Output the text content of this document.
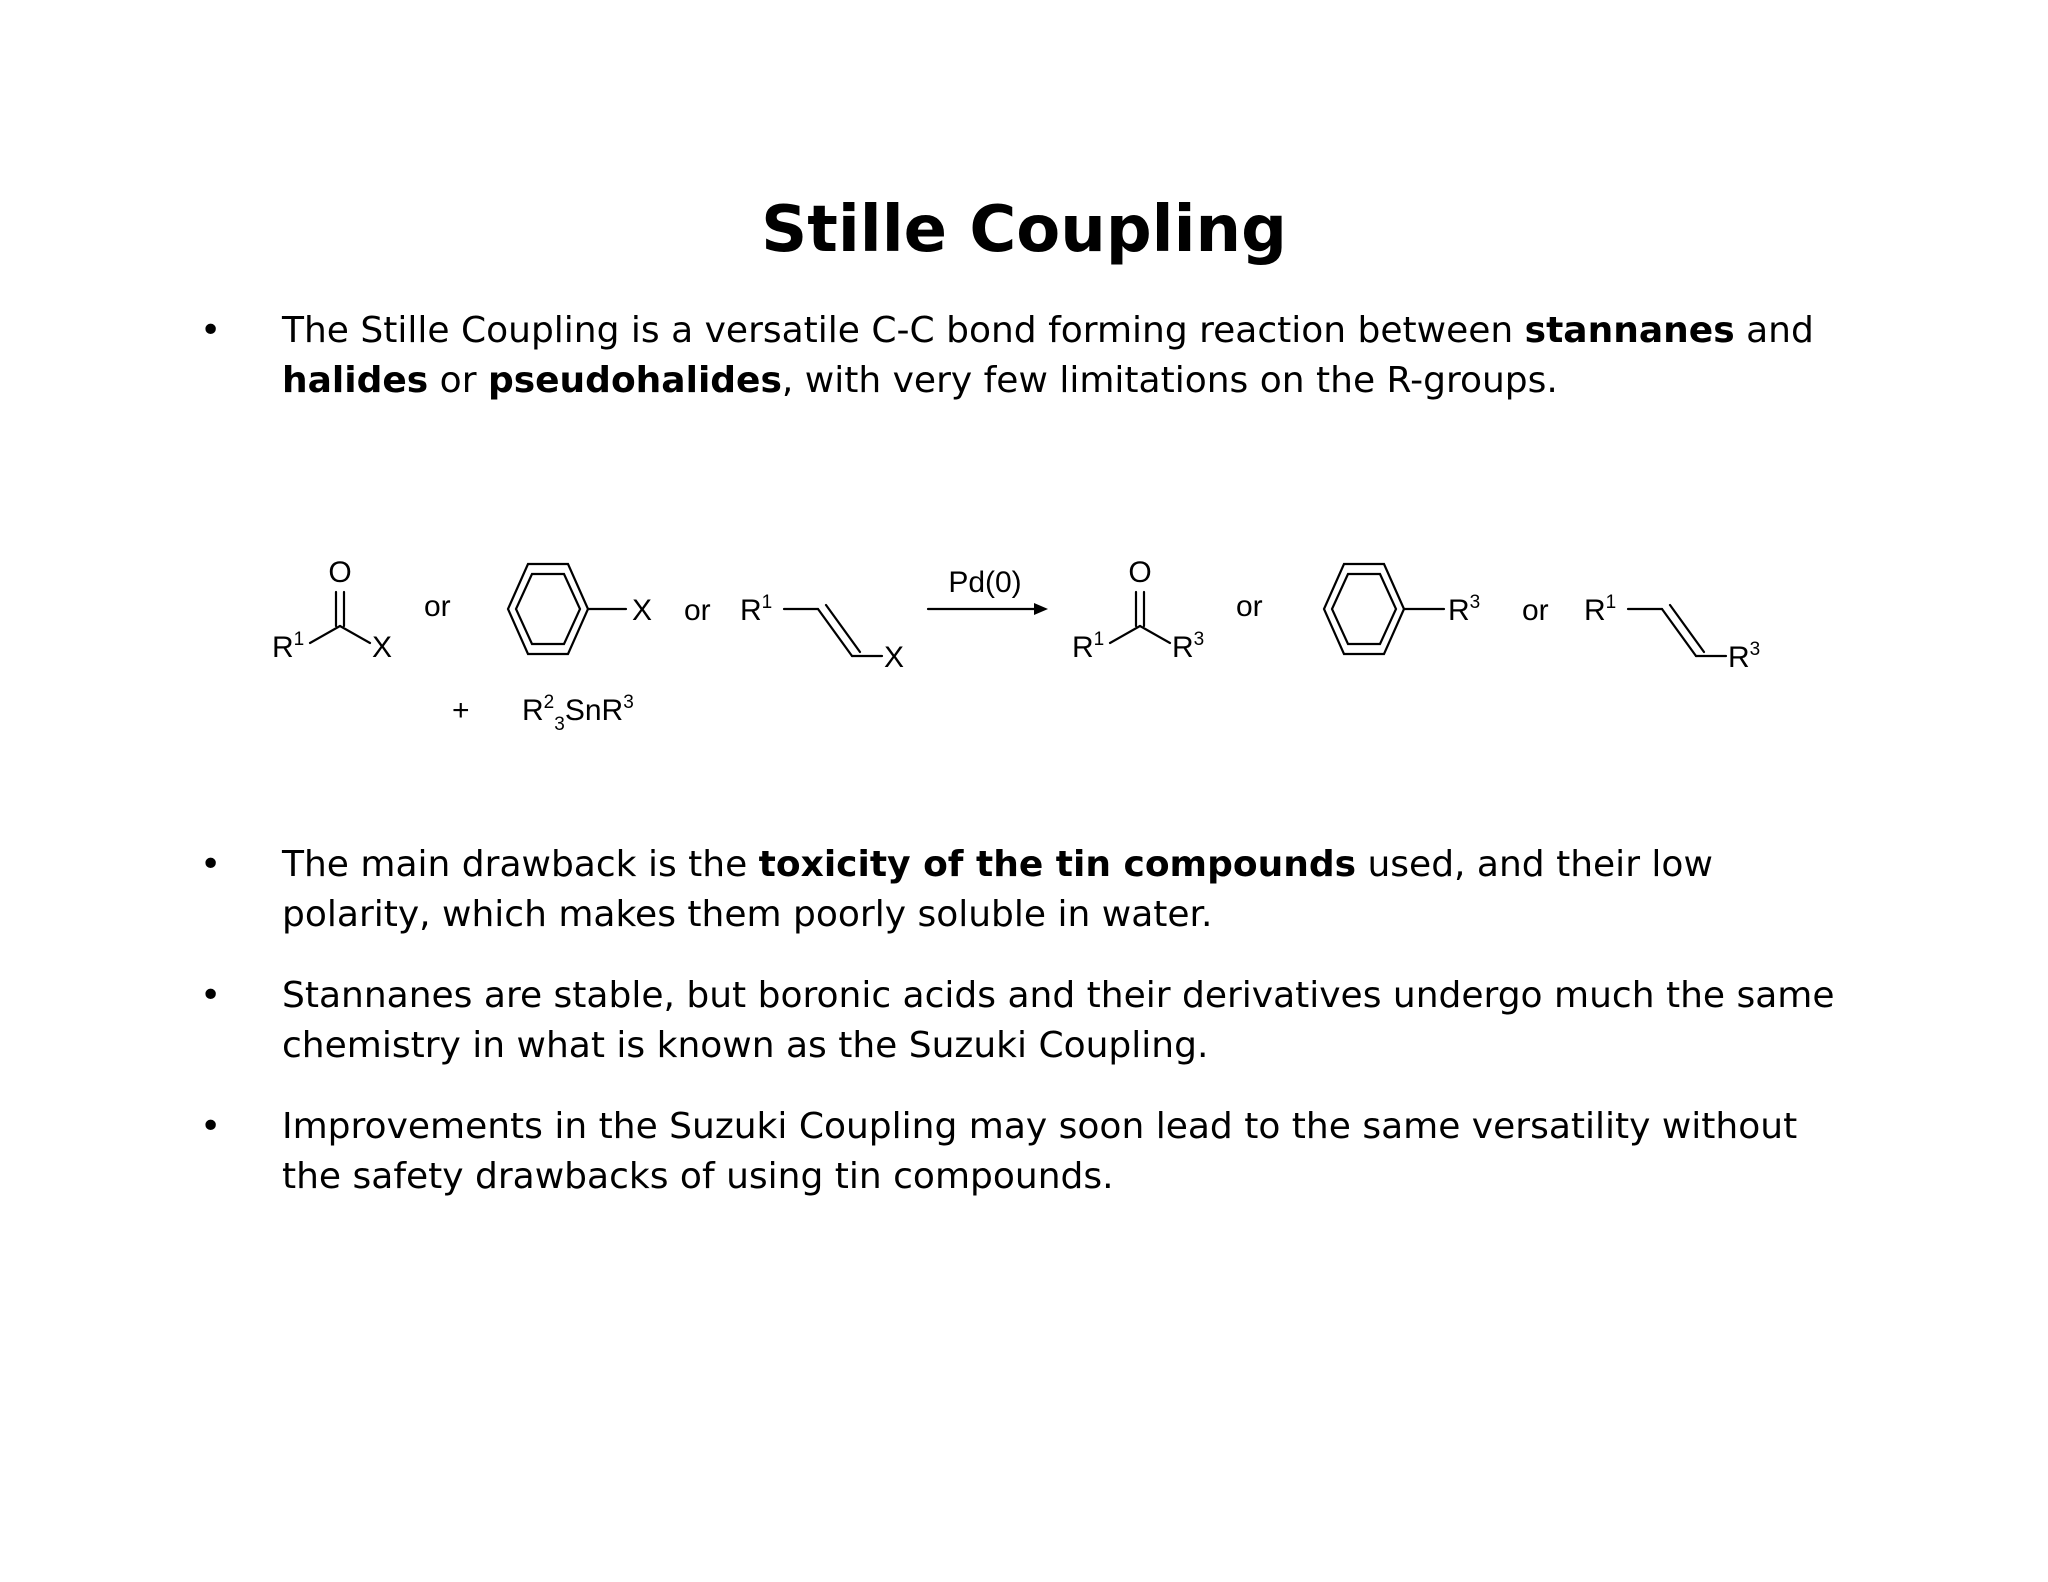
Stille Coupling
• The Stille Coupling is a versatile C-C bond forming reaction between stannanes and halides or pseudohalides, with very few limitations on the R-groups.
• The main drawback is the toxicity of the tin compounds used, and their low polarity, which makes them poorly soluble in water.
• Stannanes are stable, but boronic acids and their derivatives undergo much the same chemistry in what is known as the Suzuki Coupling.
• Improvements in the Suzuki Coupling may soon lead to the same versatility without the safety drawbacks of using tin compounds.
O
$R^1$ X
or	X or $R^1$
X
+ $R^2_3SnR^3$
Pd(0)	O
$R^1$ $R^3$
or	$R^3$ or $R^1$
$R^3$
